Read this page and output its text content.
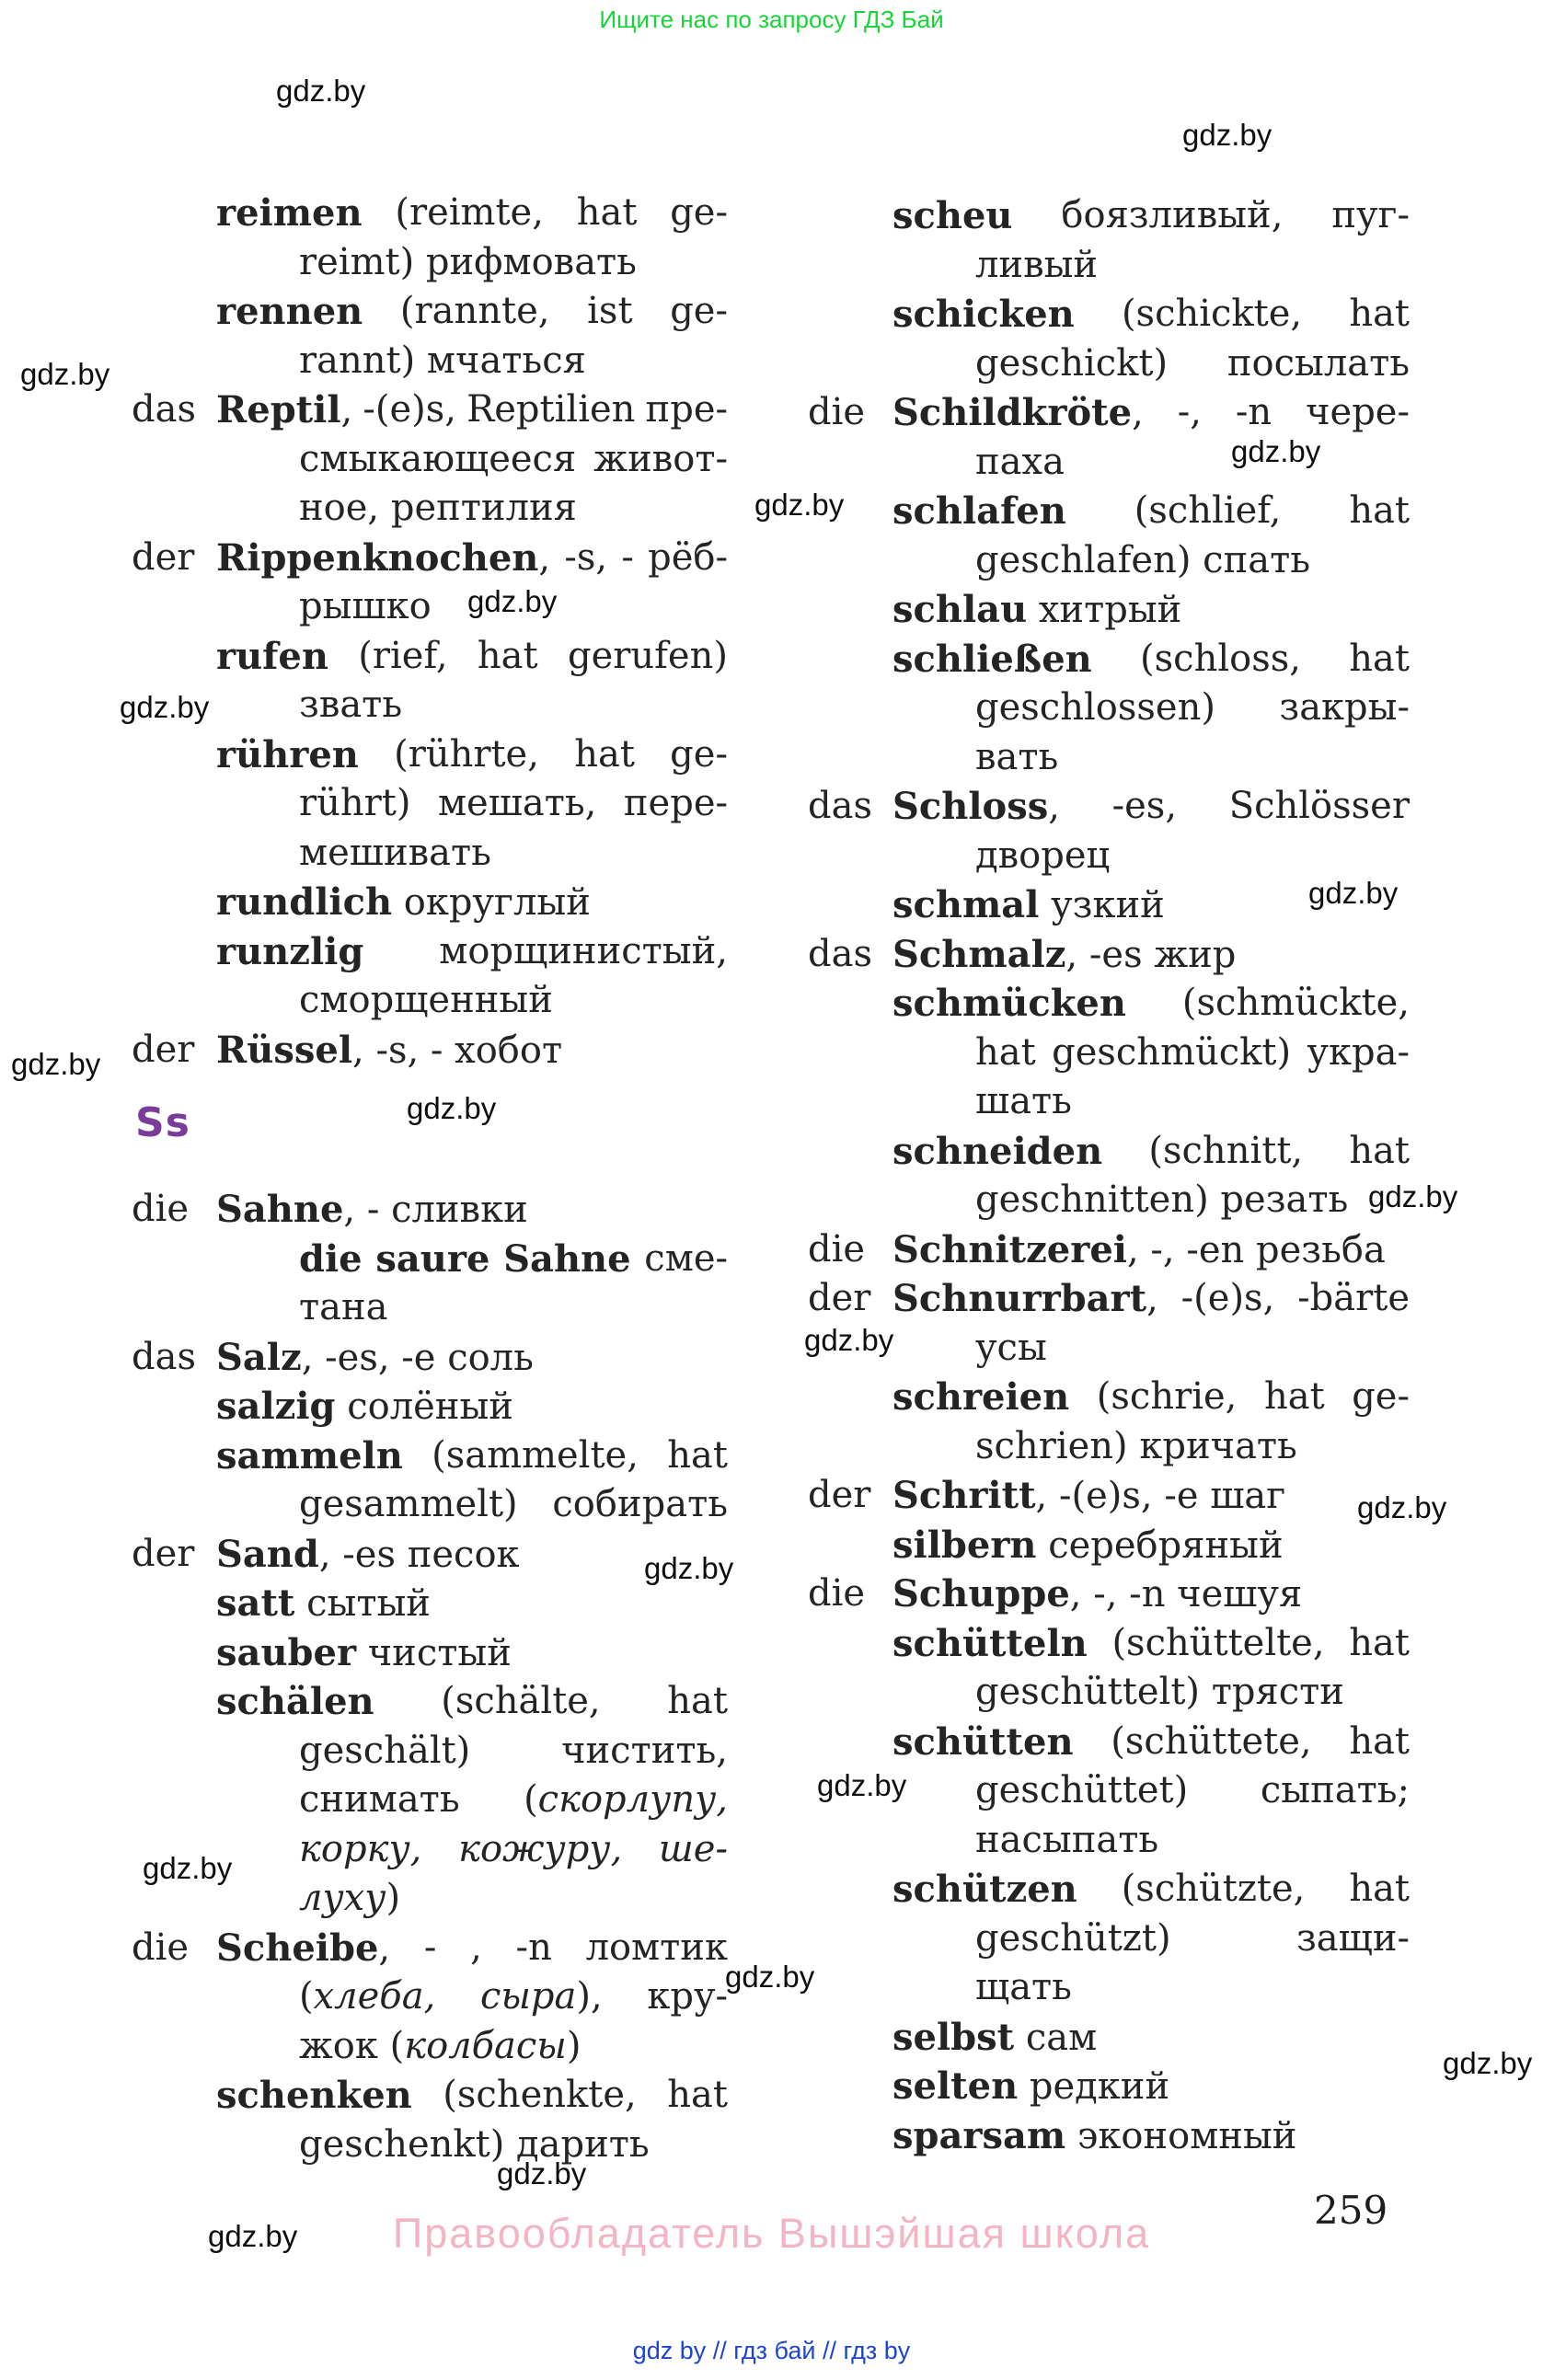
Ищите нас по запросу ГДЗ Бай
gdz.by
gdz.by
gdz.by
gdz.by
gdz.by
gdz.by
gdz.by
gdz.by
gdz.by
gdz.by
gdz.by
gdz.by
gdz.by
gdz.by
gdz.by
gdz.by
gdz.by
gdz.by
gdz.by
gdz.by
reimen (reimte, hat ge-
reimt) рифмовать
rennen (rannte, ist ge-
rannt) мчаться
das Reptil, -(e)s, Reptilien пре-
смыкающееся живот-
ное, рептилия
der Rippenknochen, -s, - рёб-
рышко
rufen (rief, hat gerufen)
звать
rühren (rührte, hat ge-
rührt) мешать, пере-
мешивать
rundlich округлый
runzlig морщинистый,
сморщенный
der Rüssel, -s, - хобот
Ss
die Sahne, - сливки
die saure Sahne сме-
тана
das Salz, -es, -e соль
salzig солёный
sammeln (sammelte, hat
gesammelt) собирать
der Sand, -es песок
satt сытый
sauber чистый
schälen (schälte, hat
geschält) чистить,
снимать (скорлупу,
корку, кожуру, ше-
луху)
die Scheibe, - , -n ломтик
(хлеба, сыра), кру-
жок (колбасы)
schenken (schenkte, hat
geschenkt) дарить
scheu боязливый, пуг-
ливый
schicken (schickte, hat
geschickt) посылать
die Schildkröte, -, -n чере-
паха
schlafen (schlief, hat
geschlafen) спать
schlau хитрый
schließen (schloss, hat
geschlossen) закры-
вать
das Schloss, -es, Schlösser
дворец
schmal узкий
das Schmalz, -es жир
schmücken (schmückte,
hat geschmückt) укра-
шать
schneiden (schnitt, hat
geschnitten) резать
die Schnitzerei, -, -en резьба
der Schnurrbart, -(e)s, -bärte
усы
schreien (schrie, hat ge-
schrien) кричать
der Schritt, -(e)s, -e шаг
silbern серебряный
die Schuppe, -, -n чешуя
schütteln (schüttelte, hat
geschüttelt) трясти
schütten (schüttete, hat
geschüttet) сыпать;
насыпать
schützen (schützte, hat
geschützt)	защи-
щать
selbst сам
selten редкий
sparsam экономный
Правообладатель Вышэйшая школа	259
gdz by // гдз бай // гдз by
